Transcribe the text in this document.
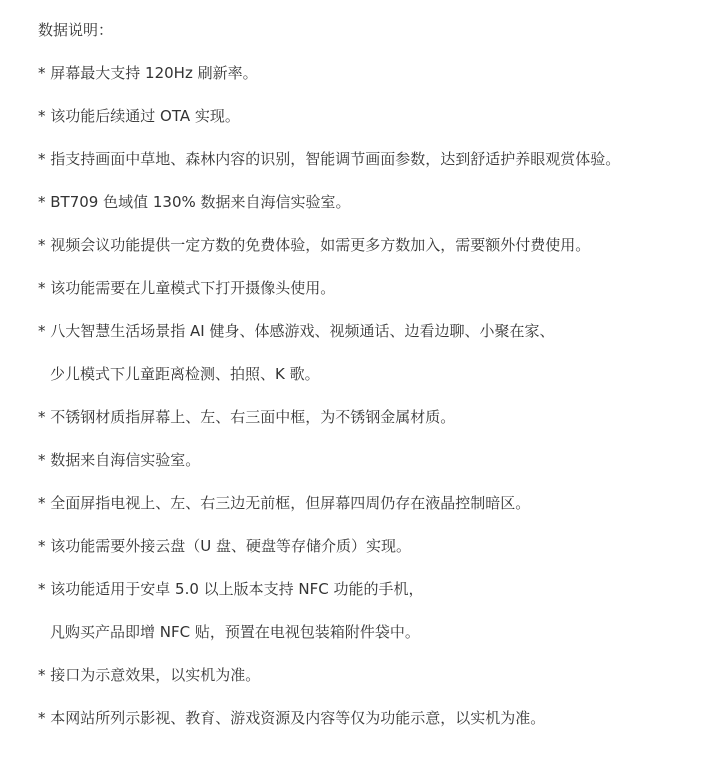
数据说明：

* 屏幕最大支持 120Hz 刷新率。

* 该功能后续通过 OTA 实现。

* 指支持画面中草地、森林内容的识别，智能调节画面参数，达到舒适护养眼观赏体验。

* BT709 色域值 130% 数据来自海信实验室。

* 视频会议功能提供一定方数的免费体验，如需更多方数加入，需要额外付费使用。

* 该功能需要在儿童模式下打开摄像头使用。

* 八大智慧生活场景指 AI 健身、体感游戏、视频通话、边看边聊、小聚在家、

少儿模式下儿童距离检测、拍照、K 歌。

* 不锈钢材质指屏幕上、左、右三面中框，为不锈钢金属材质。

* 数据来自海信实验室。

* 全面屏指电视上、左、右三边无前框，但屏幕四周仍存在液晶控制暗区。

* 该功能需要外接云盘（U 盘、硬盘等存储介质）实现。

* 该功能适用于安卓 5.0 以上版本支持 NFC 功能的手机，

凡购买产品即增 NFC 贴，预置在电视包装箱附件袋中。

* 接口为示意效果，以实机为准。

* 本网站所列示影视、教育、游戏资源及内容等仅为功能示意，以实机为准。
